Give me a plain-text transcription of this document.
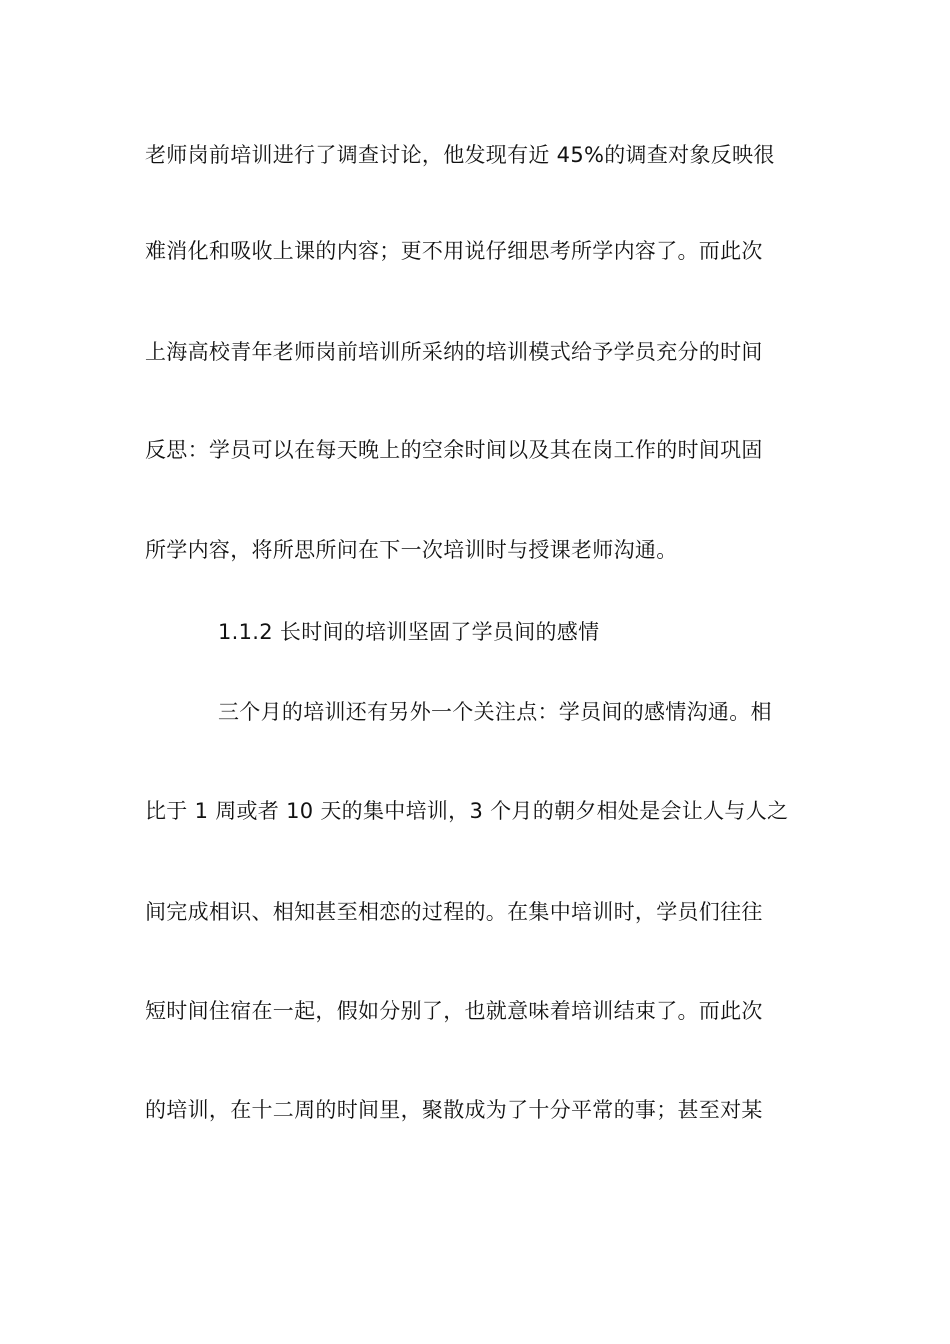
老师岗前培训进行了调查讨论，他发现有近 45%的调查对象反映很
难消化和吸收上课的内容；更不用说仔细思考所学内容了。而此次
上海高校青年老师岗前培训所采纳的培训模式给予学员充分的时间
反思：学员可以在每天晚上的空余时间以及其在岗工作的时间巩固
所学内容，将所思所问在下一次培训时与授课老师沟通。
1.1.2 长时间的培训坚固了学员间的感情
三个月的培训还有另外一个关注点：学员间的感情沟通。相
比于 1 周或者 10 天的集中培训，3 个月的朝夕相处是会让人与人之
间完成相识、相知甚至相恋的过程的。在集中培训时，学员们往往
短时间住宿在一起，假如分别了，也就意味着培训结束了。而此次
的培训，在十二周的时间里，聚散成为了十分平常的事；甚至对某
